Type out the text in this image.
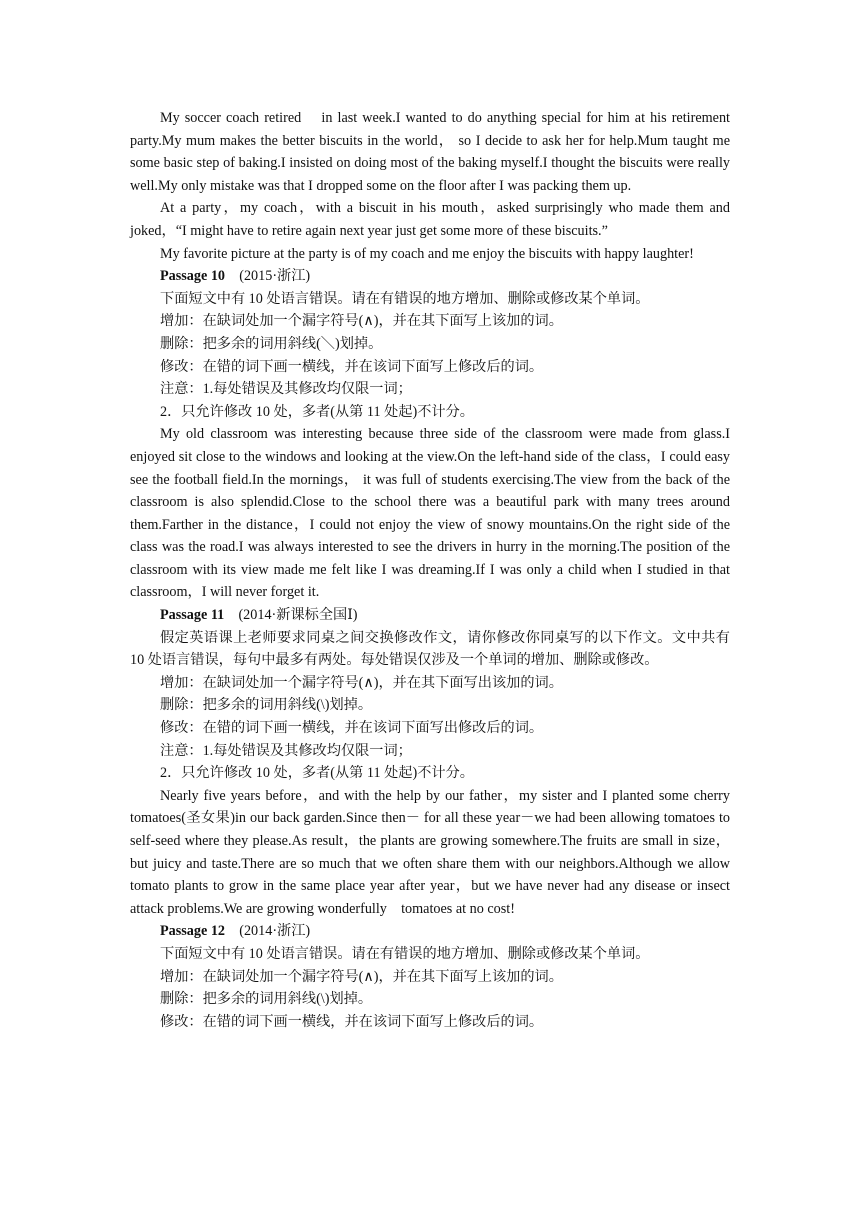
My soccer coach retired    in last week.I wanted to do anything special for him at his retirement party.My mum makes the better biscuits in the world， so I decide to ask her for help.Mum taught me some basic step of baking.I insisted on doing most of the baking myself.I thought the biscuits were really well.My only mistake was that I dropped some on the floor after I was packing them up.

At a party，my coach，with a biscuit in his mouth，asked surprisingly who made them and joked，“I might have to retire again next year just get some more of these biscuits.”

My favorite picture at the party is of my coach and me enjoy the biscuits with happy laughter!

Passage 10 (2015·浙江)

下面短文中有 10 处语言错误。请在有错误的地方增加、删除或修改某个单词。

增加：在缺词处加一个漏字符号(∧)，并在其下面写上该加的词。

删除：把多余的词用斜线(＼)划掉。

修改：在错的词下画一横线，并在该词下面写上修改后的词。

注意：1.每处错误及其修改均仅限一词；

2．只允许修改 10 处，多者(从第 11 处起)不计分。

My old classroom was interesting because three side of the classroom were made from glass.I enjoyed sit close to the windows and looking at the view.On the left-hand side of the class，I could easy see the football field.In the mornings， it was full of students exercising.The view from the back of the classroom is also splendid.Close to the school there was a beautiful park with many trees around them.Farther in the distance，I could not enjoy the view of snowy mountains.On the right side of the class was the road.I was always interested to see the drivers in hurry in the morning.The position of the classroom with its view made me felt like I was dreaming.If I was only a child when I studied in that classroom，I will never forget it.

Passage 11 (2014·新课标全国Ⅰ)

假定英语课上老师要求同桌之间交换修改作文，请你修改你同桌写的以下作文。文中共有 10 处语言错误，每句中最多有两处。每处错误仅涉及一个单词的增加、删除或修改。

增加：在缺词处加一个漏字符号(∧)，并在其下面写出该加的词。

删除：把多余的词用斜线(\)划掉。

修改：在错的词下画一横线，并在该词下面写出修改后的词。

注意：1.每处错误及其修改均仅限一词；

2．只允许修改 10 处，多者(从第 11 处起)不计分。

Nearly five years before，and with the help by our father，my sister and I planted some cherry tomatoes(圣女果)in our back garden.Since then－ for all these year－we had been allowing tomatoes to self-seed where they please.As result，the plants are growing somewhere.The fruits are small in size， but juicy and taste.There are so much that we often share them with our neighbors.Although we allow tomato plants to grow in the same place year after year，but we have never had any disease or insect attack problems.We are growing wonderfully    tomatoes at no cost!

Passage 12 (2014·浙江)

下面短文中有 10 处语言错误。请在有错误的地方增加、删除或修改某个单词。

增加：在缺词处加一个漏字符号(∧)，并在其下面写上该加的词。

删除：把多余的词用斜线(\)划掉。

修改：在错的词下画一横线，并在该词下面写上修改后的词。
